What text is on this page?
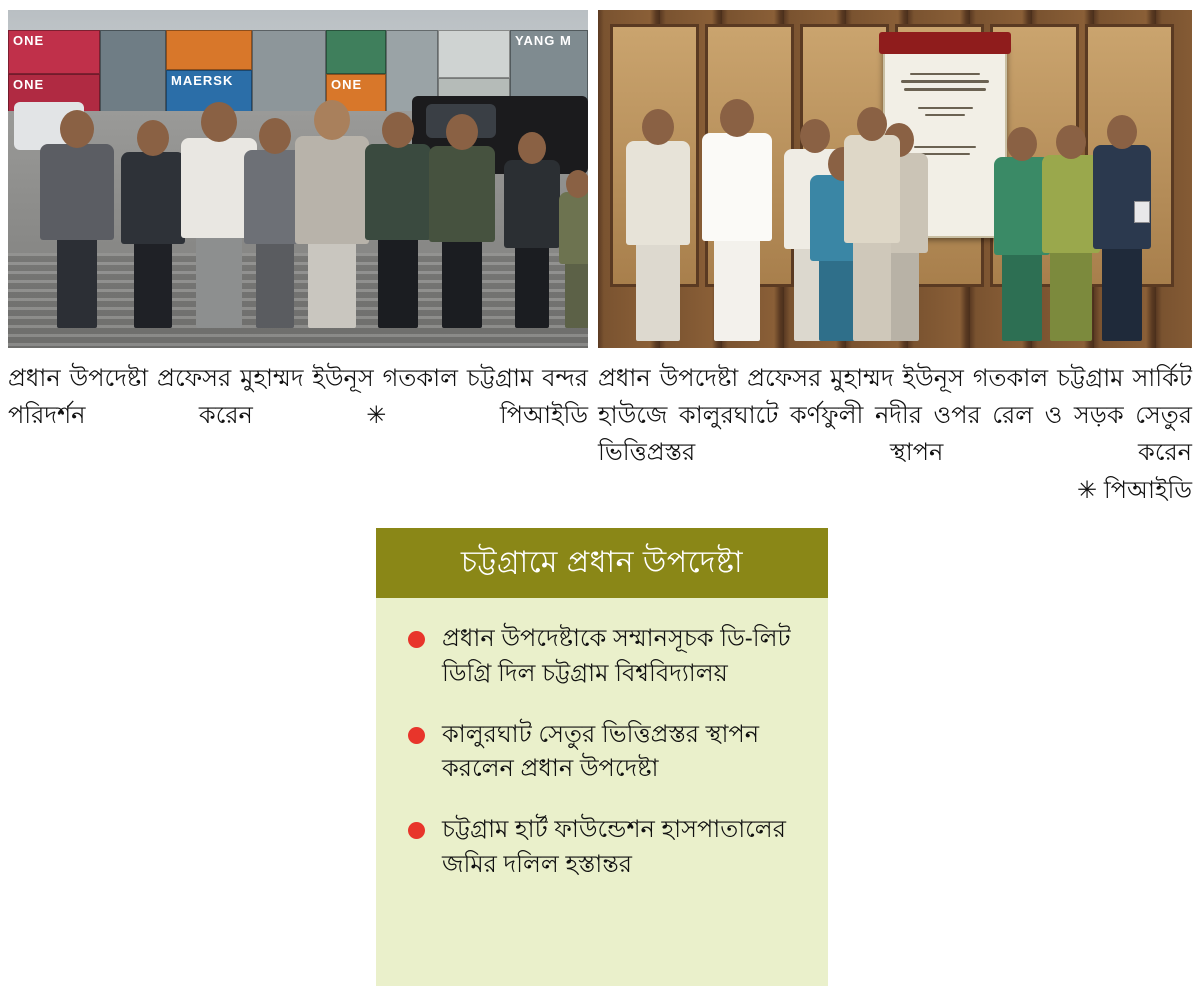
ONE
ONE	MAERSK	ONE
YANG M
প্রধান উপদেষ্টা প্রফেসর মুহাম্মদ ইউনূস গতকাল চট্টগ্রাম বন্দর পরিদর্শন করেন ✳ পিআইডি
প্রধান উপদেষ্টা প্রফেসর মুহাম্মদ ইউনূস গতকাল চট্টগ্রাম সার্কিট হাউজে কালুরঘাটে কর্ণফুলী নদীর ওপর রেল ও সড়ক সেতুর ভিত্তিপ্রস্তর স্থাপন করেন
✳ পিআইডি
চট্টগ্রামে প্রধান উপদেষ্টা
প্রধান উপদেষ্টাকে সম্মানসূচক ডি-লিট ডিগ্রি দিল চট্টগ্রাম বিশ্ববিদ্যালয়
কালুরঘাট সেতুর ভিত্তিপ্রস্তর স্থাপন করলেন প্রধান উপদেষ্টা
চট্টগ্রাম হার্ট ফাউন্ডেশন হাসপাতালের জমির দলিল হস্তান্তর
